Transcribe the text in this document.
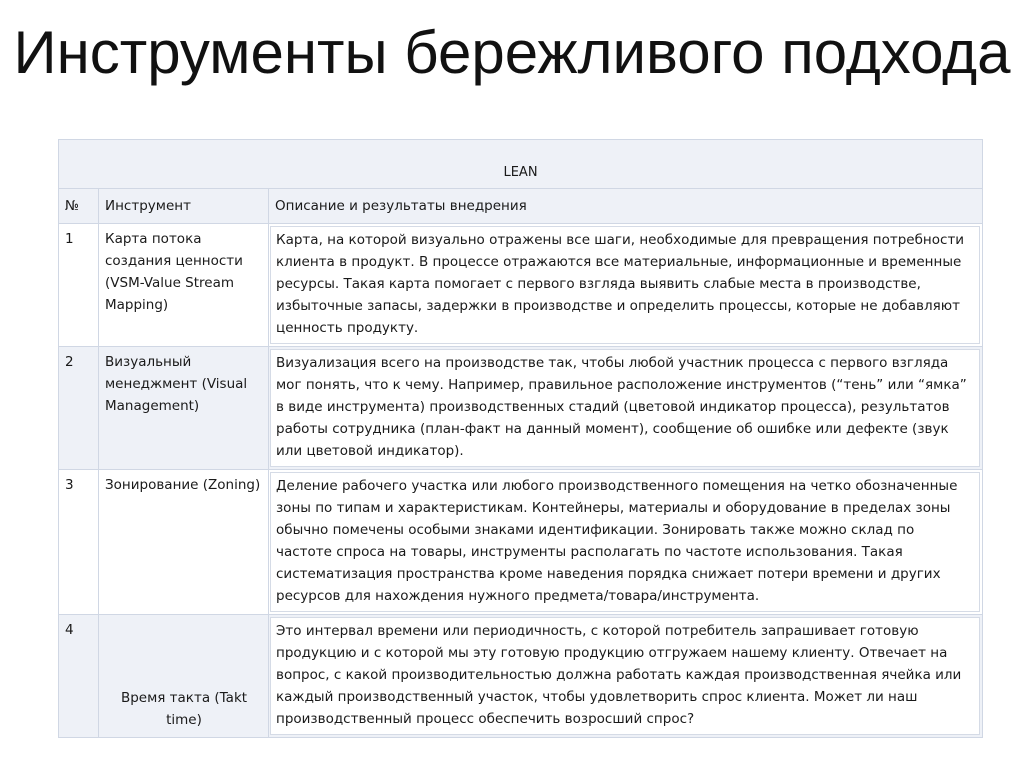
Инструменты бережливого подхода
LEAN		

№	Инструмент	Описание и результаты внедрения

1	Карта потока создания ценности (VSM-Value Stream Mapping)	Карта, на которой визуально отражены все шаги, необходимые для превращения потребности клиента в продукт. В процессе отражаются все материальные, информационные и временные ресурсы. Такая карта помогает с первого взгляда выявить слабые места в производстве, избыточные запасы, задержки в производстве и определить процессы, которые не добавляют ценность продукту.

2	Визуальный менеджмент (Visual Management)	Визуализация всего на производстве так, чтобы любой участник процесса с первого взгляда мог понять, что к чему. Например, правильное расположение инструментов (“тень” или “ямка” в виде инструмента) производственных стадий (цветовой индикатор процесса), результатов работы сотрудника (план-факт на данный момент), сообщение об ошибке или дефекте (звук или цветовой индикатор).

3	Зонирование (Zoning)	Деление рабочего участка или любого производственного помещения на четко обозначенные зоны по типам и характеристикам. Контейнеры, материалы и оборудование в пределах зоны обычно помечены особыми знаками идентификации. Зонировать также можно склад по частоте спроса на товары, инструменты располагать по частоте использования. Такая систематизация пространства кроме наведения порядка снижает потери времени и других ресурсов для нахождения нужного предмета/товара/инструмента.

4	Время такта (Takt time)	Это интервал времени или периодичность, с которой потребитель запрашивает готовую продукцию и с которой мы эту готовую продукцию отгружаем нашему клиенту. Отвечает на вопрос, с какой производительностью должна работать каждая производственная ячейка или каждый производственный участок, чтобы удовлетворить спрос клиента. Может ли наш производственный процесс обеспечить возросший спрос?
